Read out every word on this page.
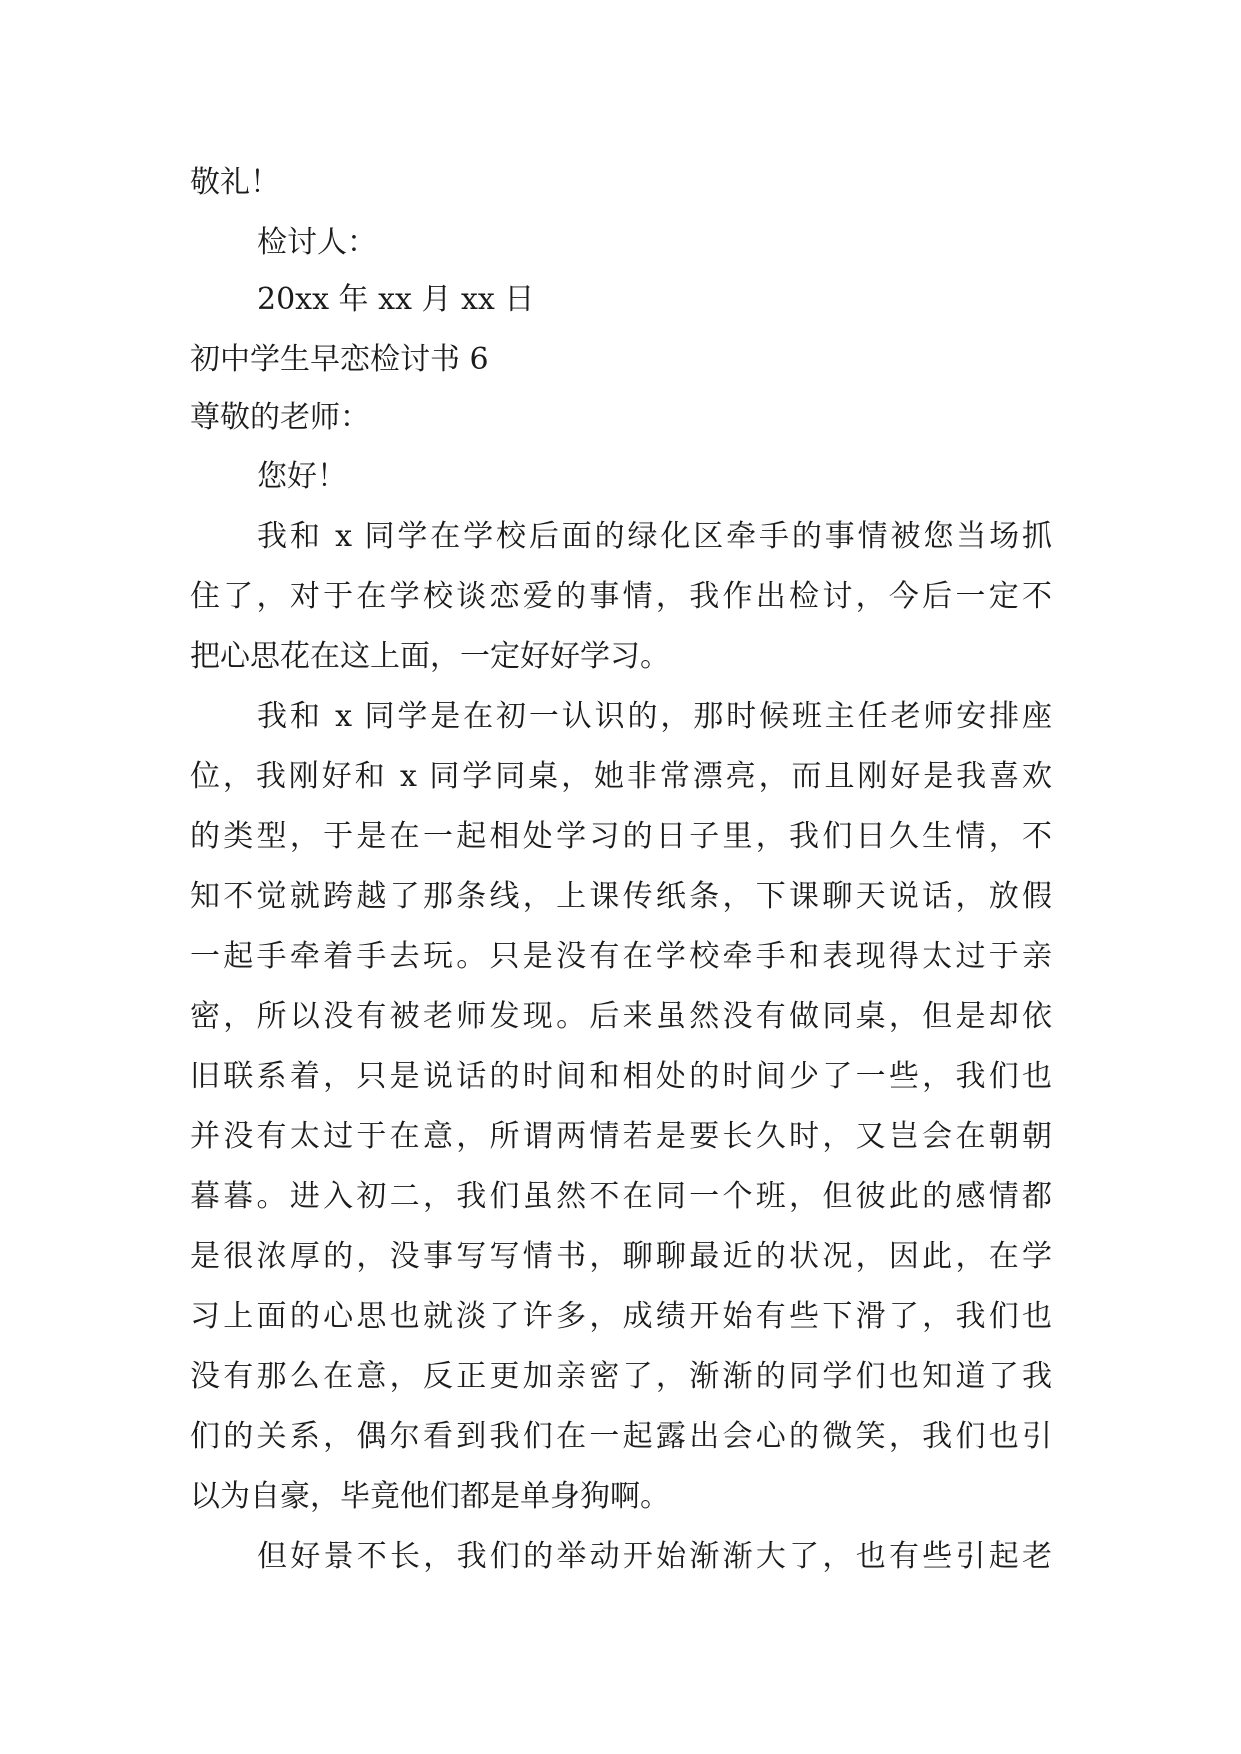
敬礼！
检讨人：
20xx 年 xx 月 xx 日
初中学生早恋检讨书 6
尊敬的老师：
您好！
我和 x 同学在学校后面的绿化区牵手的事情被您当场抓
住了，对于在学校谈恋爱的事情，我作出检讨，今后一定不
把心思花在这上面，一定好好学习。
我和 x 同学是在初一认识的，那时候班主任老师安排座
位，我刚好和 x 同学同桌，她非常漂亮，而且刚好是我喜欢
的类型，于是在一起相处学习的日子里，我们日久生情，不
知不觉就跨越了那条线，上课传纸条，下课聊天说话，放假
一起手牵着手去玩。只是没有在学校牵手和表现得太过于亲
密，所以没有被老师发现。后来虽然没有做同桌，但是却依
旧联系着，只是说话的时间和相处的时间少了一些，我们也
并没有太过于在意，所谓两情若是要长久时，又岂会在朝朝
暮暮。进入初二，我们虽然不在同一个班，但彼此的感情都
是很浓厚的，没事写写情书，聊聊最近的状况，因此，在学
习上面的心思也就淡了许多，成绩开始有些下滑了，我们也
没有那么在意，反正更加亲密了，渐渐的同学们也知道了我
们的关系，偶尔看到我们在一起露出会心的微笑，我们也引
以为自豪，毕竟他们都是单身狗啊。
但好景不长，我们的举动开始渐渐大了，也有些引起老
